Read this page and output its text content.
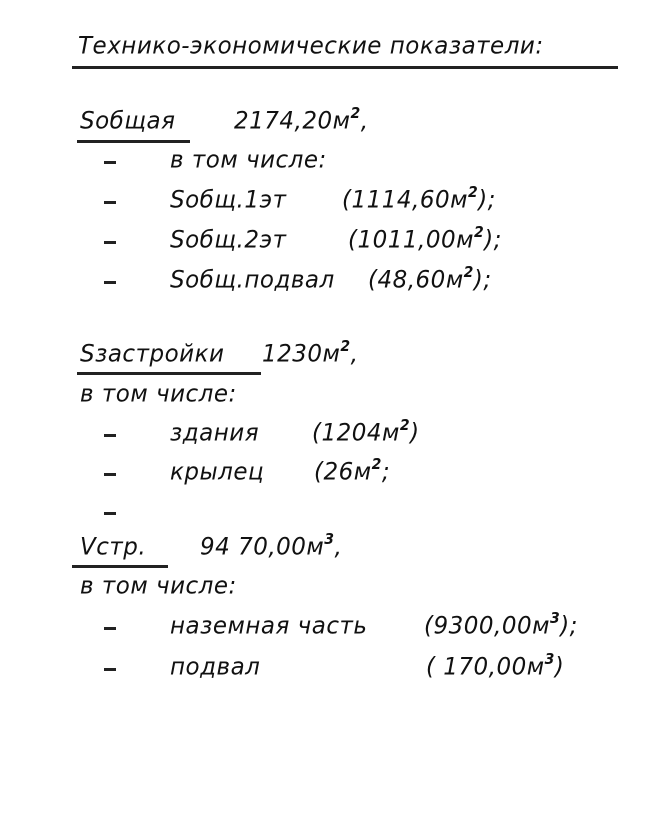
Технико-экономические показатели:
Sобщая	$2174,20м^2$,
в том числе:
Sобщ.1эт $(1114,60м^2)$;
Sобщ.2эт	$(1011,00м^2)$;
Sобщ.подвал $(48,60м^2)$;
Sзастройки $1230м^2$,
в том числе:
здания $(1204м^2)$
крылец ($26м^2$;
Vстр. 94 $70,00м^3$,
в том числе:
наземная часть $(9300,00м^3)$;
подвал	( $170,00м^3$)
